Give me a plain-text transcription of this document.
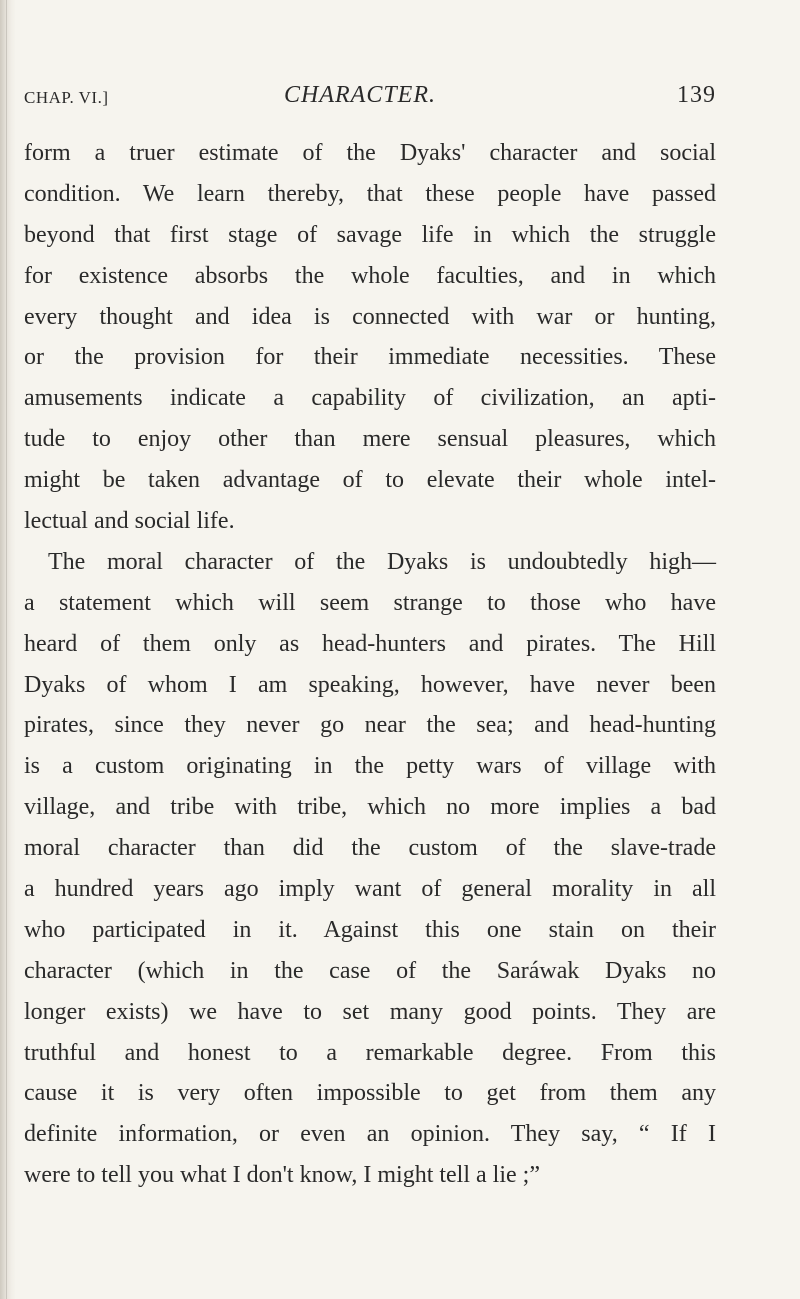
CHAP. VI.]	CHARACTER.	139
form a truer estimate of the Dyaks' character and social
condition. We learn thereby, that these people have passed
beyond that first stage of savage life in which the struggle
for existence absorbs the whole faculties, and in which
every thought and idea is connected with war or hunting,
or the provision for their immediate necessities. These
amusements indicate a capability of civilization, an apti-
tude to enjoy other than mere sensual pleasures, which
might be taken advantage of to elevate their whole intel-
lectual and social life.
The moral character of the Dyaks is undoubtedly high—
a statement which will seem strange to those who have
heard of them only as head-hunters and pirates. The Hill
Dyaks of whom I am speaking, however, have never been
pirates, since they never go near the sea; and head-hunting
is a custom originating in the petty wars of village with
village, and tribe with tribe, which no more implies a bad
moral character than did the custom of the slave-trade
a hundred years ago imply want of general morality in all
who participated in it. Against this one stain on their
character (which in the case of the Saráwak Dyaks no
longer exists) we have to set many good points. They are
truthful and honest to a remarkable degree. From this
cause it is very often impossible to get from them any
definite information, or even an opinion. They say, “ If I
were to tell you what I don't know, I might tell a lie ;”
